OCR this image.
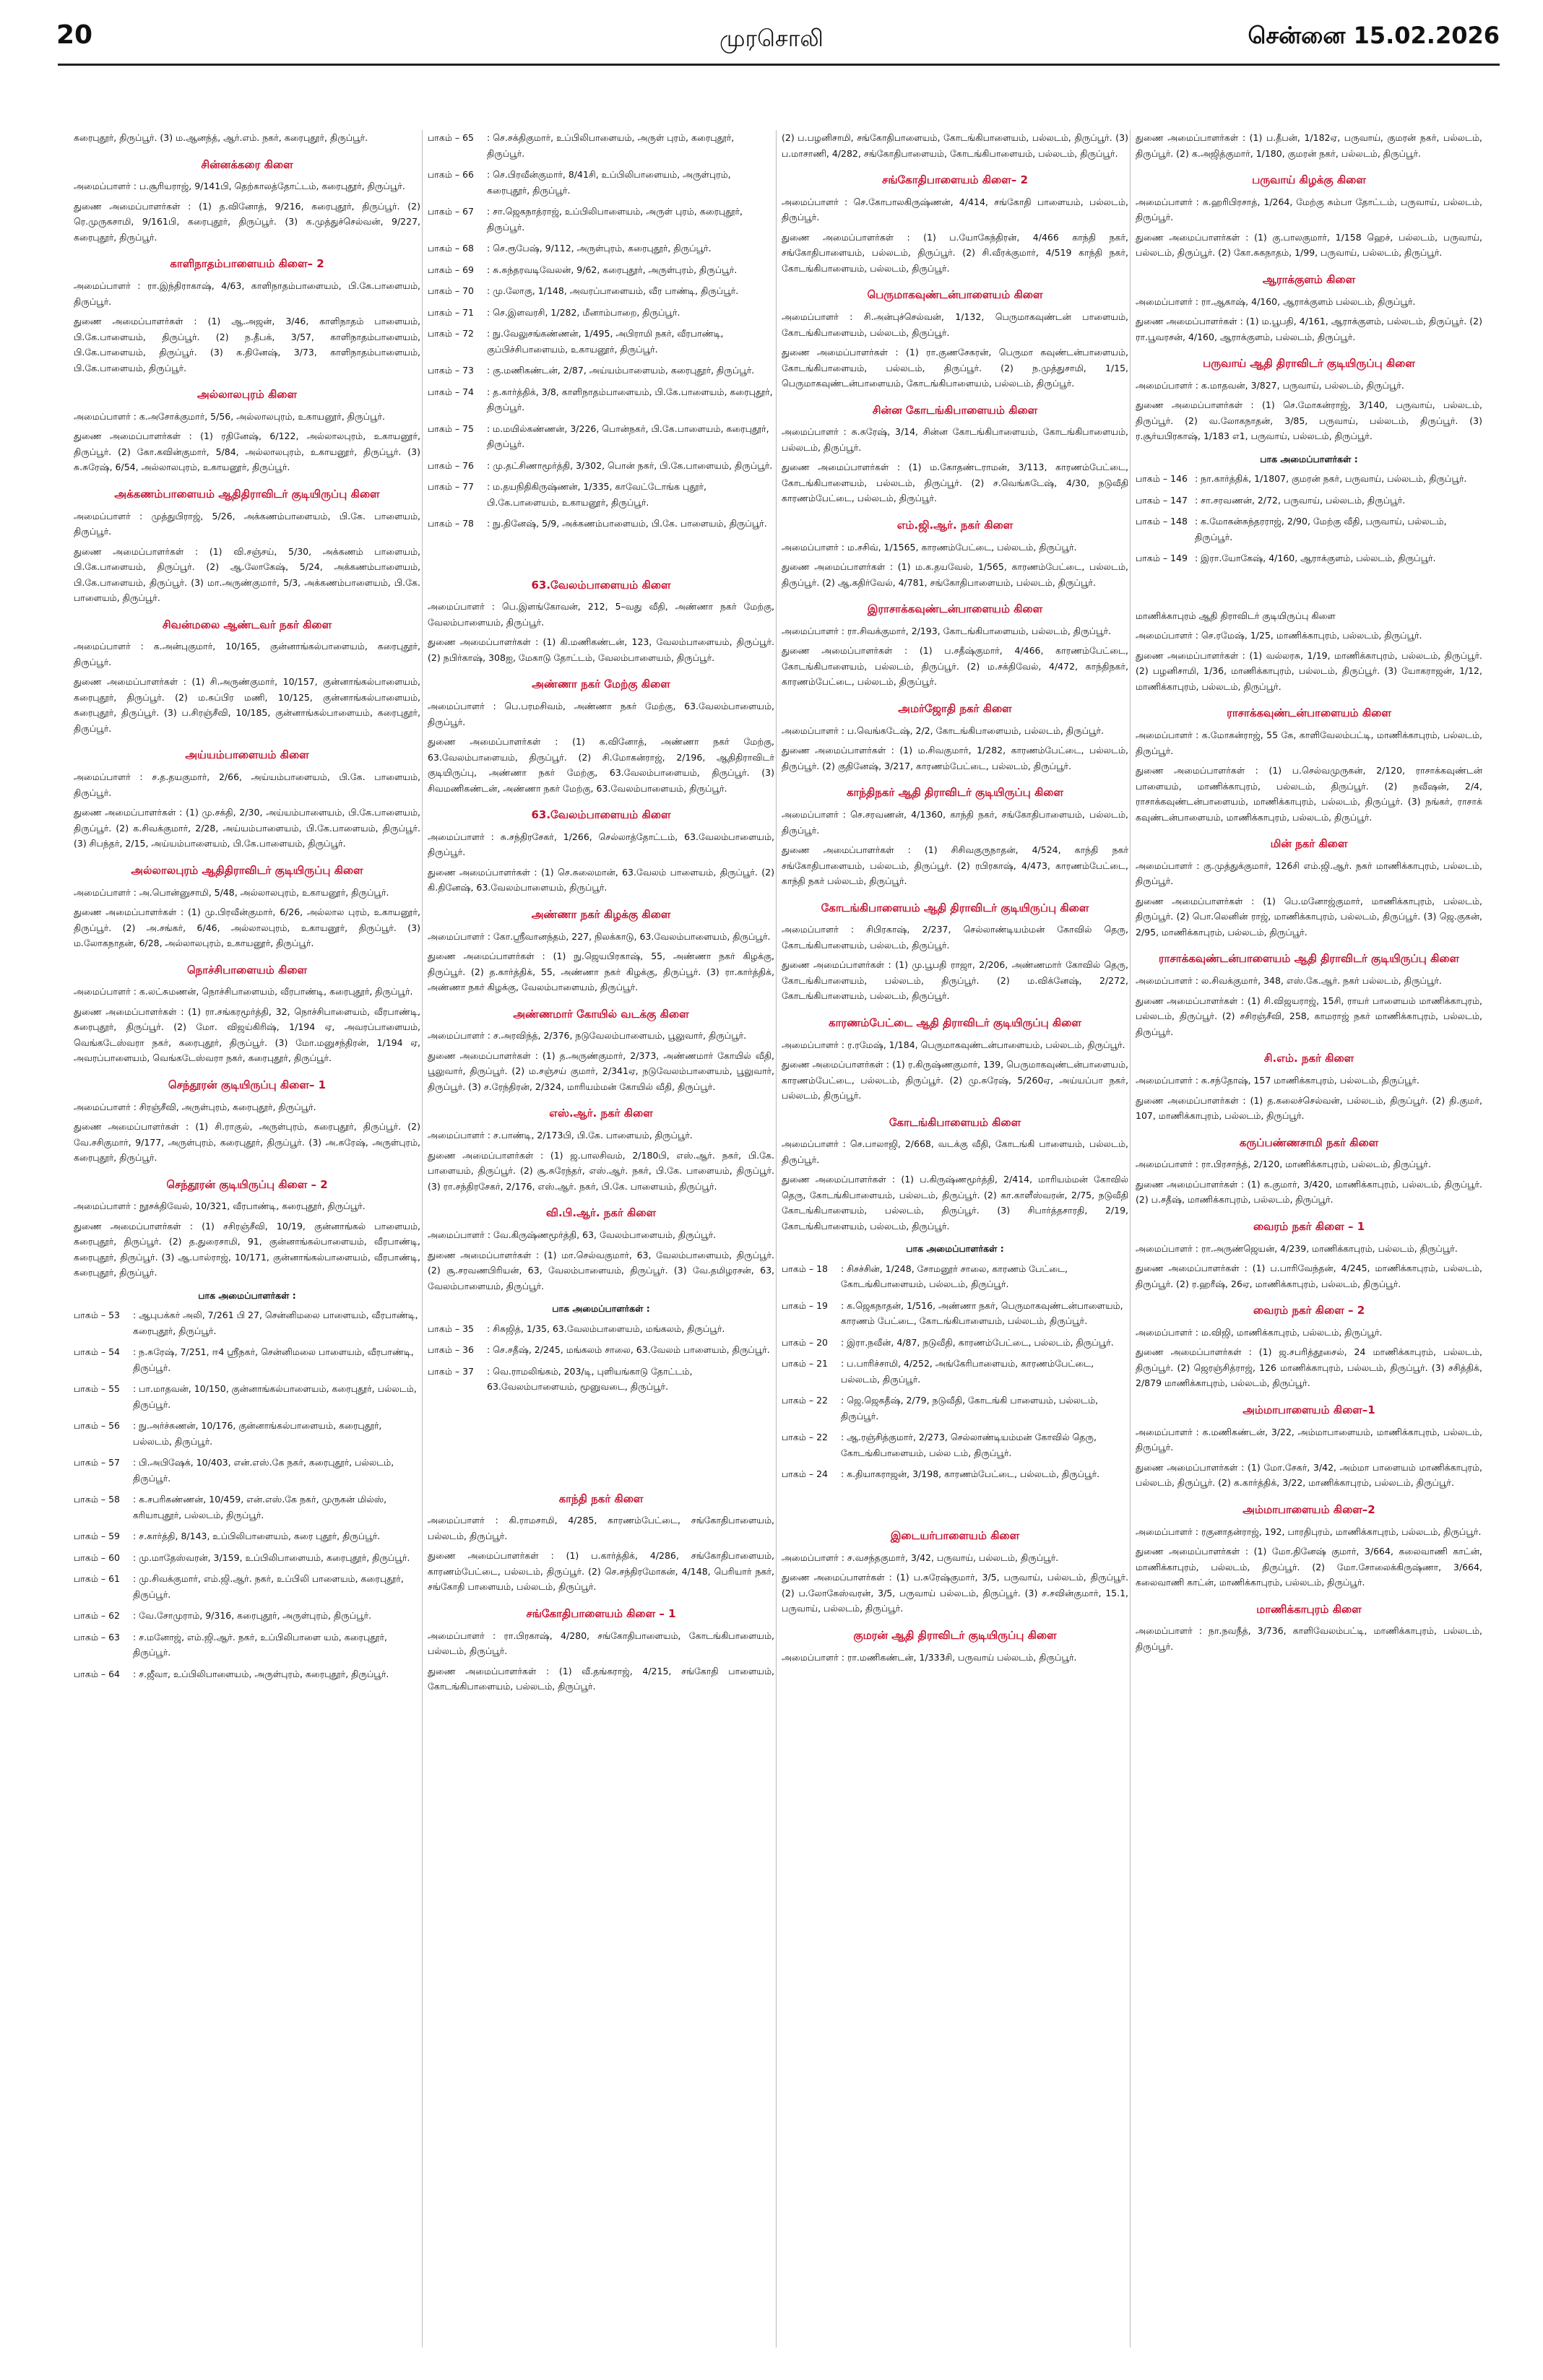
20	முரசொலி	சென்னை 15.02.2026

கரைபுதூர், திருப்பூர். (3) ம.ஆனந்த், ஆர்.எம். நகர், கரைபுதூர், திருப்பூர்.

சின்னக்கரை கிளை

அமைப்பாளர் : ப.சூரியராஜ், 9/141பி, தெற்காலத்தோட்டம், கரைபுதூர், திருப்பூர்.

துணை அமைப்பாளர்கள் : (1) த.வினோத், 9/216, கரைபுதூர், திருப்பூர். (2) ரெ.முருகசாமி, 9/161பி, கரைபுதூர், திருப்பூர். (3) க.முத்துச்செல்வன், 9/227, கரைபுதூர், திருப்பூர்.

காளிநாதம்பாளையம் கிளை– 2

அமைப்பாளர் : ரா.இந்திராகாஷ், 4/63, காளிநாதம்பாளையம், பி.கே.பாளையம், திருப்பூர்.

துணை அமைப்பாளர்கள் : (1) ஆ.அஜன், 3/46, காளிநாதம் பாளையம், பி.கே.பாளையம், திருப்பூர். (2) ந.தீபக், 3/57, காளிநாதம்பாளையம், பி.கே.பாளையம், திருப்பூர். (3) க.தினேஷ், 3/73, காளிநாதம்பாளையம், பி.கே.பாளையம், திருப்பூர்.

அல்லாலபுரம் கிளை

அமைப்பாளர் : க.அசோக்குமார், 5/56, அல்லாலபுரம், உகாயனூர், திருப்பூர்.

துணை அமைப்பாளர்கள் : (1) ரதினேஷ், 6/122, அல்லாலபுரம், உகாயனூர், திருப்பூர். (2) கோ.கவின்குமார், 5/84, அல்லாலபுரம், உகாயனூர், திருப்பூர். (3) சு.சுரேஷ், 6/54, அல்லாலபுரம், உகாயனூர், திருப்பூர்.

அக்கணம்பாளையம் ஆதிதிராவிடர் குடியிருப்பு கிளை

அமைப்பாளர் : முத்துபிராஜ், 5/26, அக்கணம்பாளையம், பி.கே. பாளையம், திருப்பூர்.

துணை அமைப்பாளர்கள் : (1) வி.சஞ்சய், 5/30, அக்கணம் பாளையம், பி.கே.பாளையம், திருப்பூர். (2) ஆ.லோகேஷ், 5/24, அக்கணம்பாளையம், பி.கே.பாளையம், திருப்பூர். (3) மா.அருண்குமார், 5/3, அக்கணம்பாளையம், பி.கே. பாளையம், திருப்பூர்.

சிவன்மலை ஆண்டவர் நகர் கிளை

அமைப்பாளர் : க.அன்புகுமார், 10/165, குன்னாங்கல்பாளையம், கரைபுதூர், திருப்பூர்.

துணை அமைப்பாளர்கள் : (1) சி.அருண்குமார், 10/157, குன்னாங்கல்பாளையம், கரைபுதூர், திருப்பூர். (2) ம.சுப்பிர மணி, 10/125, குன்னாங்கல்பாளையம், கரைபுதூர், திருப்பூர். (3) ப.சிரஞ்சீவி, 10/185, குன்னாங்கல்பாளையம், கரைபுதூர், திருப்பூர்.

அய்யம்பாளையம் கிளை

அமைப்பாளர் : ச.த.தயகுமார், 2/66, அய்யம்பாளையம், பி.கே. பாளையம், திருப்பூர்.

துணை அமைப்பாளர்கள் : (1) மு.சக்தி, 2/30, அய்யம்பாளையம், பி.கே.பாளையம், திருப்பூர். (2) க.சிவக்குமார், 2/28, அய்யம்பாளையம், பி.கே.பாளையம், திருப்பூர். (3) சிபந்தர், 2/15, அய்யம்பாளையம், பி.கே.பாளையம், திருப்பூர்.

அல்லாலபுரம் ஆதிதிராவிடர் குடியிருப்பு கிளை

அமைப்பாளர் : அ.பொன்னுசாமி, 5/48, அல்லாலபுரம், உகாயனூர், திருப்பூர்.

துணை அமைப்பாளர்கள் : (1) மு.பிரவீன்குமார், 6/26, அல்லால புரம், உகாயனூர், திருப்பூர். (2) அ.சங்கர், 6/46, அல்லாலபுரம், உகாயனூர், திருப்பூர். (3) ம.லோகநாதன், 6/28, அல்லாலபுரம், உகாயனூர், திருப்பூர்.

நொச்சிபாளையம் கிளை

அமைப்பாளர் : க.லட்சுமணன், நொச்சிபாளையம், வீரபாண்டி, கரைபுதூர், திருப்பூர்.

துணை அமைப்பாளர்கள் : (1) ரா.சங்கரமூர்த்தி, 32, நொச்சிபாளையம், வீரபாண்டி, கரைபுதூர், திருப்பூர். (2) மோ. விஜய்கிரிஷ், 1/194 ஏ, அவரப்பாளையம், வெங்கடேஸ்வரா நகர், கரைபுதூர், திருப்பூர். (3) மோ.மனுசந்திரன், 1/194 ஏ, அவரப்பாளையம், வெங்கடேஸ்வரா நகர், கரைபுதூர், திருப்பூர்.

செந்தூரன் குடியிருப்பு கிளை– 1

அமைப்பாளர் : சிரஞ்சீவி, அருள்புரம், கரைபுதூர், திருப்பூர்.

துணை அமைப்பாளர்கள் : (1) சி.ராகுல், அருள்புரம், கரைபுதூர், திருப்பூர். (2) வே.சசிகுமார், 9/177, அருள்புரம், கரைபுதூர், திருப்பூர். (3) அ.சுரேஷ், அருள்புரம், கரைபுதூர், திருப்பூர்.

செந்தூரன் குடியிருப்பு கிளை – 2

அமைப்பாளர் : நூசக்திவேல், 10/321, வீரபாண்டி, கரைபுதூர், திருப்பூர்.

துணை அமைப்பாளர்கள் : (1) சசிரஞ்சீவி, 10/19, குன்னாங்கல் பாளையம், கரைபுதூர், திருப்பூர். (2) த.துரைசாமி, 91, குன்னாங்கல்பாளையம், வீரபாண்டி, கரைபுதூர், திருப்பூர். (3) ஆ.பால்ராஜ், 10/171, குன்னாங்கல்பாளையம், வீரபாண்டி, கரைபுதூர், திருப்பூர்.

பாக அமைப்பாளர்கள் :
பாகம் – 53	: ஆபுபக்கர் அலி, 7/261 பி 27, சென்னிமலை பாளையம், வீரபாண்டி, கரைபுதூர், திருப்பூர்.
பாகம் – 54	: ந.சுரேஷ், 7/251, ஈ4 ஸ்ரீநகர், சென்னிமலை பாளையம், வீரபாண்டி, திருப்பூர்.
பாகம் – 55	: பா.மாதவன், 10/150, குன்னாங்கல்பாளையம், கரைபுதூர், பல்லடம், திருப்பூர்.
பாகம் – 56	: நு.அர்ச்சுணன், 10/176, குன்னாங்கல்பாளையம், கரைபுதூர், பல்லடம், திருப்பூர்.
பாகம் – 57	: பி.அபிஷேக், 10/403, என்.எஸ்.கே நகர், கரைபுதூர், பல்லடம், திருப்பூர்.
பாகம் – 58	: க.சபரிகண்ணன், 10/459, என்.எஸ்.கே நகர், முருகன் மில்ஸ், கரியாபுதூர், பல்லடம், திருப்பூர்.
பாகம் – 59	: ச.கார்த்தி, 8/143, உப்பிலிபாளையம், கரை புதூர், திருப்பூர்.
பாகம் – 60	: மு.மாதேஸ்வரன், 3/159, உப்பிலிபாளையம், கரைபுதூர், திருப்பூர்.
பாகம் – 61	: மு.சிவக்குமார், எம்.ஜி.ஆர். நகர், உப்பிலி பாளையம், கரைபுதூர், திருப்பூர்.
பாகம் – 62	: வே.சோமுராம், 9/316, கரைபுதூர், அருள்புரம், திருப்பூர்.
பாகம் – 63	: ச.மனோஜ், எம்.ஜி.ஆர். நகர், உப்பிலிபாளை யம், கரைபுதூர், திருப்பூர்.
பாகம் – 64	: ச.ஜீவா, உப்பிலிபாளையம், அருள்புரம், கரைபுதூர், திருப்பூர்.
பாகம் – 65	: செ.சக்திகுமார், உப்பிலிபாளையம், அருள் புரம், கரைபுதூர், திருப்பூர்.
பாகம் – 66	: செ.பிரவீன்குமார், 8/41சி, உப்பிலிபாளையம், அருள்புரம், கரைபுதூர், திருப்பூர்.
பாகம் – 67	: சா.ஜெகநாத்ராஜ், உப்பிலிபாளையம், அருள் புரம், கரைபுதூர், திருப்பூர்.
பாகம் – 68	: செ.ரூபேஷ், 9/112, அருள்புரம், கரைபுதூர், திருப்பூர்.
பாகம் – 69	: சு.சுந்தரவடிவேலன், 9/62, கரைபுதூர், அருள்புரம், திருப்பூர்.
பாகம் – 70	: மு.லோகு, 1/148, அவரப்பாளையம், வீர பாண்டி, திருப்பூர்.
பாகம் – 71	: செ.இளவரசி, 1/282, மீனாம்பாறை, திருப்பூர்.
பாகம் – 72	: நு.வேலுசங்கண்ணன், 1/495, அபிராமி நகர், வீரபாண்டி, குப்பிச்சிபாளையம், உகாயனூர், திருப்பூர்.
பாகம் – 73	: கு.மணிகண்டன், 2/87, அய்யம்பாளையம், கரைபுதூர், திருப்பூர்.
பாகம் – 74	: த.கார்த்திக், 3/8, காளிநாதம்பாளையம், பி.கே.பாளையம், கரைபுதூர், திருப்பூர்.
பாகம் – 75	: ம.மயில்கண்ணன், 3/226, பொன்நகர், பி.கே.பாளையம், கரைபுதூர், திருப்பூர்.
பாகம் – 76	: மு.தட்சிணாமூர்த்தி, 3/302, பொன் நகர், பி.கே.பாளையம், திருப்பூர்.
பாகம் – 77	: ம.தயநிதிகிருஷ்ணன், 1/335, காவேட்டோங்க புதூர், பி.கே.பாளையம், உகாயனூர், திருப்பூர்.
பாகம் – 78	: நு.தினேஷ், 5/9, அக்கணம்பாளையம், பி.கே. பாளையம், திருப்பூர்.
63.வேலம்பாளையம் கிளை

அமைப்பாளர் : பெ.இளங்கோவன், 212, 5–வது வீதி, அண்ணா நகர் மேற்கு, வேலம்பாளையம், திருப்பூர்.

துணை அமைப்பாளர்கள் : (1) கி.மணிகண்டன், 123, வேலம்பாளையம், திருப்பூர். (2) நபிர்காஷ், 308ஐ, மேகாடு தோட்டம், வேலம்பாளையம், திருப்பூர்.

அண்ணா நகர் மேற்கு கிளை

அமைப்பாளர் : பெ.பரமசிவம், அண்ணா நகர் மேற்கு, 63.வேலம்பாளையம், திருப்பூர்.

துணை அமைப்பாளர்கள் : (1) க.வினோத், அண்ணா நகர் மேற்கு, 63.வேலம்பாளையம், திருப்பூர். (2) சி.மோகன்ராஜ், 2/196, ஆதிதிராவிடர் குடியிருப்பு, அண்ணா நகர் மேற்கு, 63.வேலம்பாளையம், திருப்பூர். (3) சிவமணிகண்டன், அண்ணா நகர் மேற்கு, 63.வேலம்பாளையம், திருப்பூர்.

63.வேலம்பாளையம் கிளை

அமைப்பாளர் : சு.சந்திரசேகர், 1/266, செல்லாத்தோட்டம், 63.வேலம்பாளையம், திருப்பூர்.

துணை அமைப்பாளர்கள் : (1) செ.சுலைமான், 63.வேலம் பாளையம், திருப்பூர். (2) கி.தினேஷ், 63.வேலம்பாளையம், திருப்பூர்.

அண்ணா நகர் கிழக்கு கிளை

அமைப்பாளர் : கோ.ஸ்ரீவானந்தம், 227, நிலக்காடு, 63.வேலம்பாளையம், திருப்பூர்.

துணை அமைப்பாளர்கள் : (1) நு.ஜெயபிரகாஷ், 55, அண்ணா நகர் கிழக்கு, திருப்பூர். (2) த.கார்த்திக், 55, அண்ணா நகர் கிழக்கு, திருப்பூர். (3) ரா.கார்த்திக், அண்ணா நகர் கிழக்கு, வேலம்பாளையம், திருப்பூர்.

அண்ணமார் கோயில் வடக்கு கிளை

அமைப்பாளர் : ச.அரவிந்த், 2/376, நடுவேலம்பாளையம், பூலுவார், திருப்பூர்.

துணை அமைப்பாளர்கள் : (1) த.அருண்குமார், 2/373, அண்ணமார் கோயில் வீதி, பூலுவார், திருப்பூர். (2) ம.சஞ்சய் குமார், 2/341ஏ, நடுவேலம்பாளையம், பூலுவார், திருப்பூர். (3) ச.ரேந்திரன், 2/324, மாரியம்மன் கோயில் வீதி, திருப்பூர்.

எஸ்.ஆர். நகர் கிளை

அமைப்பாளர் : ச.பாண்டி, 2/173பி, பி.கே. பாளையம், திருப்பூர்.

துணை அமைப்பாளர்கள் : (1) ஜ.பாலசிவம், 2/180பி, எஸ்.ஆர். நகர், பி.கே. பாளையம், திருப்பூர். (2) சூ.சுரேந்தர், எஸ்.ஆர். நகர், பி.கே. பாளையம், திருப்பூர். (3) ரா.சந்திரசேகர், 2/176, எஸ்.ஆர். நகர், பி.கே. பாளையம், திருப்பூர்.

வி.பி.ஆர். நகர் கிளை

அமைப்பாளர் : வே.கிருஷ்ணமூர்த்தி, 63, வேலம்பாளையம், திருப்பூர்.

துணை அமைப்பாளர்கள் : (1) மா.செல்வகுமார், 63, வேலம்பாளையம், திருப்பூர். (2) சூ.சரவணபிரியன், 63, வேலம்பாளையம், திருப்பூர். (3) வே.தமிழரசன், 63, வேலம்பாளையம், திருப்பூர்.

பாக அமைப்பாளர்கள் :
பாகம் – 35	: சிசுஜித், 1/35, 63.வேலம்பாளையம், மங்கலம், திருப்பூர்.
பாகம் – 36	: செ.சதீஷ், 2/245, மங்கலம் சாலை, 63.வேலம் பாளையம், திருப்பூர்.
பாகம் – 37	: வெ.ராமலிங்கம், 203/டி, புளியங்காடு தோட்டம், 63.வேலம்பாளையம், மூனுவடை, திருப்பூர்.
காந்தி நகர் கிளை

அமைப்பாளர் : கி.ராமசாமி, 4/285, காரணம்பேட்டை, சங்கோதிபாளையம், பல்லடம், திருப்பூர்.

துணை அமைப்பாளர்கள் : (1) ப.கார்த்திக், 4/286, சங்கோதிபாளையம், காரணம்பேட்டை, பல்லடம், திருப்பூர். (2) செ.சந்திரமோகன், 4/148, பெரியார் நகர், சங்கோதி பாளையம், பல்லடம், திருப்பூர்.

சங்கோதிபாளையம் கிளை – 1

அமைப்பாளர் : ரா.பிரகாஷ், 4/280, சங்கோதிபாளையம், கோடங்கிபாளையம், பல்லடம், திருப்பூர்.

துணை அமைப்பாளர்கள் : (1) வீ.தங்கராஜ், 4/215, சங்கோதி பாளையம், கோடங்கிபாளையம், பல்லடம், திருப்பூர்.

(2) ப.பழனிசாமி, சங்கோதிபாளையம், கோடங்கிபாளையம், பல்லடம், திருப்பூர். (3) ப.மாசாணி, 4/282, சங்கோதிபாளையம், கோடங்கிபாளையம், பல்லடம், திருப்பூர்.

சங்கோதிபாளையம் கிளை– 2

அமைப்பாளர் : செ.கோபாலகிருஷ்ணன், 4/414, சங்கோதி பாளையம், பல்லடம், திருப்பூர்.

துணை அமைப்பாளர்கள் : (1) ப.யோகேந்திரன், 4/466 காந்தி நகர், சங்கோதிபாளையம், பல்லடம், திருப்பூர். (2) சி.வீரக்குமார், 4/519 காந்தி நகர், கோடங்கிபாளையம், பல்லடம், திருப்பூர்.

பெருமாகவுண்டன்பாளையம் கிளை

அமைப்பாளர் : சி.அன்புச்செல்வன், 1/132, பெருமாகவுண்டன் பாளையம், கோடங்கிபாளையம், பல்லடம், திருப்பூர்.

துணை அமைப்பாளர்கள் : (1) ரா.குணசேகரன், பெருமா கவுண்டன்பாளையம், கோடங்கிபாளையம், பல்லடம், திருப்பூர். (2) ந.முத்துசாமி, 1/15, பெருமாகவுண்டன்பாளையம், கோடங்கிபாளையம், பல்லடம், திருப்பூர்.

சின்ன கோடங்கிபாளையம் கிளை

அமைப்பாளர் : சு.சுரேஷ், 3/14, சின்ன கோடங்கிபாளையம், கோடங்கிபாளையம், பல்லடம், திருப்பூர்.

துணை அமைப்பாளர்கள் : (1) ம.கோதண்டராமன், 3/113, காரணம்பேட்டை, கோடங்கிபாளையம், பல்லடம், திருப்பூர். (2) ச.வெங்கடேஷ், 4/30, நடுவீதி காரணம்பேட்டை, பல்லடம், திருப்பூர்.

எம்.ஜி.ஆர். நகர் கிளை

அமைப்பாளர் : ம.சசிவ், 1/1565, காரணம்பேட்டை, பல்லடம், திருப்பூர்.

துணை அமைப்பாளர்கள் : (1) ம.க.தயவேல், 1/565, காரணம்பேட்டை, பல்லடம், திருப்பூர். (2) ஆ.கதிர்வேல், 4/781, சங்கோதிபாளையம், பல்லடம், திருப்பூர்.

இராசாக்கவுண்டன்பாளையம் கிளை

அமைப்பாளர் : ரா.சிவக்குமார், 2/193, கோடங்கிபாளையம், பல்லடம், திருப்பூர்.

துணை அமைப்பாளர்கள் : (1) ப.சதீஷ்குமார், 4/466, காரணம்பேட்டை, கோடங்கிபாளையம், பல்லடம், திருப்பூர். (2) ம.சக்திவேல், 4/472, காந்திநகர், காரணம்பேட்டை, பல்லடம், திருப்பூர்.

அமர்ஜோதி நகர் கிளை

அமைப்பாளர் : ப.வெங்கடேஷ், 2/2, கோடங்கிபாளையம், பல்லடம், திருப்பூர்.

துணை அமைப்பாளர்கள் : (1) ம.சிவகுமார், 1/282, காரணம்பேட்டை, பல்லடம், திருப்பூர். (2) குதினேஷ், 3/217, காரணம்பேட்டை, பல்லடம், திருப்பூர்.

காந்திநகர் ஆதி திராவிடர் குடியிருப்பு கிளை

அமைப்பாளர் : செ.சரவணன், 4/1360, காந்தி நகர், சங்கோதிபாளையம், பல்லடம், திருப்பூர்.

துணை அமைப்பாளர்கள் : (1) சிசிவகுருநாதன், 4/524, காந்தி நகர் சங்கோதிபாளையம், பல்லடம், திருப்பூர். (2) ரபிரகாஷ், 4/473, காரணம்பேட்டை, காந்தி நகர் பல்லடம், திருப்பூர்.

கோடங்கிபாளையம் ஆதி திராவிடர் குடியிருப்பு கிளை

அமைப்பாளர் : சிபிரகாஷ், 2/237, செல்லாண்டியம்மன் கோவில் தெரு, கோடங்கிபாளையம், பல்லடம், திருப்பூர்.

துணை அமைப்பாளர்கள் : (1) மு.பூபதி ராஜா, 2/206, அண்ணமார் கோவில் தெரு, கோடங்கிபாளையம், பல்லடம், திருப்பூர். (2) ம.விக்னேஷ், 2/272, கோடங்கிபாளையம், பல்லடம், திருப்பூர்.

காரணம்பேட்டை ஆதி திராவிடர் குடியிருப்பு கிளை

அமைப்பாளர் : ர.ரமேஷ், 1/184, பெருமாகவுண்டன்பாளையம், பல்லடம், திருப்பூர்.

துணை அமைப்பாளர்கள் : (1) ர.கிருஷ்ணகுமார், 139, பெருமாகவுண்டன்பாளையம், காரணம்பேட்டை, பல்லடம், திருப்பூர். (2) மு.சுரேஷ், 5/260ஏ, அய்யப்பா நகர், பல்லடம், திருப்பூர்.

கோடங்கிபாளையம் கிளை

அமைப்பாளர் : செ.பாலாஜி, 2/668, வடக்கு வீதி, கோடங்கி பாளையம், பல்லடம், திருப்பூர்.

துணை அமைப்பாளர்கள் : (1) ப.கிருஷ்ணமூர்த்தி, 2/414, மாரியம்மன் கோவில் தெரு, கோடங்கிபாளையம், பல்லடம், திருப்பூர். (2) கா.காளீஸ்வரன், 2/75, நடுவீதி கோடங்கிபாளையம், பல்லடம், திருப்பூர். (3) சிபார்த்தசாரதி, 2/19, கோடங்கிபாளையம், பல்லடம், திருப்பூர்.

பாக அமைப்பாளர்கள் :
பாகம் – 18	: சிசச்சின், 1/248, சோமனூர் சாலை, காரணம் பேட்டை, கோடங்கிபாளையம், பல்லடம், திருப்பூர்.
பாகம் – 19	: க.ஜெகநாதன், 1/516, அண்ணா நகர், பெருமாகவுண்டன்பாளையம், காரணம் பேட்டை, கோடங்கிபாளையம், பல்லடம், திருப்பூர்.
பாகம் – 20	: இரா.நவீன், 4/87, நடுவீதி, காரணம்பேட்டை, பல்லடம், திருப்பூர்.
பாகம் – 21	: ப.பாரிச்சாமி, 4/252, அங்கேரிபாளையம், காரணம்பேட்டை, பல்லடம், திருப்பூர்.
பாகம் – 22	: ஜெ.ஜெகதீஷ், 2/79, நடுவீதி, கோடங்கி பாளையம், பல்லடம், திருப்பூர்.
பாகம் – 22	: ஆ.ரஞ்சித்குமார், 2/273, செல்லாண்டியம்மன் கோவில் தெரு, கோடங்கிபாளையம், பல்ல டம், திருப்பூர்.
பாகம் – 24	: க.தியாகராஜன், 3/198, காரணம்பேட்டை, பல்லடம், திருப்பூர்.
இடையர்பாளையம் கிளை

அமைப்பாளர் : ச.வசந்தகுமார், 3/42, பருவாய், பல்லடம், திருப்பூர்.

துணை அமைப்பாளர்கள் : (1) ப.சுரேஷ்குமார், 3/5, பருவாய், பல்லடம், திருப்பூர். (2) ப.லோகேஸ்வரன், 3/5, பருவாய் பல்லடம், திருப்பூர். (3) ச.சவின்குமார், 15.1, பருவாய், பல்லடம், திருப்பூர்.

குமரன் ஆதி திராவிடர் குடியிருப்பு கிளை

அமைப்பாளர் : ரா.மணிகண்டன், 1/333சி, பருவாய் பல்லடம், திருப்பூர்.

துணை அமைப்பாளர்கள் : (1) ப.தீபன், 1/182ஏ, பருவாய், குமரன் நகர், பல்லடம், திருப்பூர். (2) க.அஜித்குமார், 1/180, குமரன் நகர், பல்லடம், திருப்பூர்.

பருவாய் கிழக்கு கிளை

அமைப்பாளர் : க.ஹரிபிரசாத், 1/264, மேற்கு சும்பா தோட்டம், பருவாய், பல்லடம், திருப்பூர்.

துணை அமைப்பாளர்கள் : (1) கு.பாலகுமார், 1/158 ஹெச், பல்லடம், பருவாய், பல்லடம், திருப்பூர். (2) கோ.சுகநாதம், 1/99, பருவாய், பல்லடம், திருப்பூர்.

ஆராக்குளம் கிளை

அமைப்பாளர் : ரா.ஆகாஷ், 4/160, ஆராக்குளம் பல்லடம், திருப்பூர்.

துணை அமைப்பாளர்கள் : (1) ம.பூபதி, 4/161, ஆராக்குளம், பல்லடம், திருப்பூர். (2) ரா.பூவரசன், 4/160, ஆராக்குளம், பல்லடம், திருப்பூர்.

பருவாய் ஆதி திராவிடர் குடியிருப்பு கிளை

அமைப்பாளர் : க.மாதவன், 3/827, பருவாய், பல்லடம், திருப்பூர்.

துணை அமைப்பாளர்கள் : (1) செ.மோகன்ராஜ், 3/140, பருவாய், பல்லடம், திருப்பூர். (2) வ.லோகநாதன், 3/85, பருவாய், பல்லடம், திருப்பூர். (3) ர.சூர்யபிரகாஷ், 1/183 எ1, பருவாய், பல்லடம், திருப்பூர்.

பாக அமைப்பாளர்கள் :
பாகம் – 146 : நா.கார்த்திக், 1/1807, குமரன் நகர், பருவாய், பல்லடம், திருப்பூர்.
பாகம் – 147 : சா.சரவணன், 2/72, பருவாய், பல்லடம், திருப்பூர்.
பாகம் – 148 : க.மோகன்சுந்தரராஜ், 2/90, மேற்கு வீதி, பருவாய், பல்லடம், திருப்பூர்.
பாகம் – 149 : இரா.யோகேஷ், 4/160, ஆராக்குளம், பல்லடம், திருப்பூர்.
மாணிக்காபுரம் ஆதி திராவிடர் குடியிருப்பு கிளை

அமைப்பாளர் : செ.ரமேஷ், 1/25, மாணிக்காபுரம், பல்லடம், திருப்பூர்.

துணை அமைப்பாளர்கள் : (1) வல்லரசு, 1/19, மாணிக்காபுரம், பல்லடம், திருப்பூர். (2) பழனிசாமி, 1/36, மாணிக்காபுரம், பல்லடம், திருப்பூர். (3) யோகராஜன், 1/12, மாணிக்காபுரம், பல்லடம், திருப்பூர்.

ராசாக்கவுண்டன்பாளையம் கிளை

அமைப்பாளர் : க.மோகன்ராஜ், 55 கே, காளிவேலம்பட்டி, மாணிக்காபுரம், பல்லடம், திருப்பூர்.

துணை அமைப்பாளர்கள் : (1) ப.செல்வமுருகன், 2/120, ராசாக்கவுண்டன் பாளையம், மாணிக்காபுரம், பல்லடம், திருப்பூர். (2) நவீஷன், 2/4, ராசாக்கவுண்டன்பாளையம், மாணிக்காபுரம், பல்லடம், திருப்பூர். (3) நங்கர், ராசாக் கவுண்டன்பாளையம், மாணிக்காபுரம், பல்லடம், திருப்பூர்.

மின் நகர் கிளை

அமைப்பாளர் : கு.முத்துக்குமார், 126சி எம்.ஜி.ஆர். நகர் மாணிக்காபுரம், பல்லடம், திருப்பூர்.

துணை அமைப்பாளர்கள் : (1) பெ.மனோஜ்குமார், மாணிக்காபுரம், பல்லடம், திருப்பூர். (2) பொ.லெனின் ராஜ், மாணிக்காபுரம், பல்லடம், திருப்பூர். (3) ஜெ.குகன், 2/95, மாணிக்காபுரம், பல்லடம், திருப்பூர்.

ராசாக்கவுண்டன்பாளையம் ஆதி திராவிடர் குடியிருப்பு கிளை

அமைப்பாளர் : ல.சிவக்குமார், 348, எஸ்.கே.ஆர். நகர் பல்லடம், திருப்பூர்.

துணை அமைப்பாளர்கள் : (1) சி.விஜயராஜ், 15சி, ராயர் பாளையம் மாணிக்காபுரம், பல்லடம், திருப்பூர். (2) சசிரஞ்சீவி, 258, காமராஜ் நகர் மாணிக்காபுரம், பல்லடம், திருப்பூர்.

சி.எம். நகர் கிளை

அமைப்பாளர் : சு.சந்தோஷ், 157 மாணிக்காபுரம், பல்லடம், திருப்பூர்.

துணை அமைப்பாளர்கள் : (1) த.கலைச்செல்வன், பல்லடம், திருப்பூர். (2) தி.குமர், 107, மாணிக்காபுரம், பல்லடம், திருப்பூர்.

கருப்பண்ணசாமி நகர் கிளை

அமைப்பாளர் : ரா.பிரசாந்த், 2/120, மாணிக்காபுரம், பல்லடம், திருப்பூர்.

துணை அமைப்பாளர்கள் : (1) க.குமார், 3/420, மாணிக்காபுரம், பல்லடம், திருப்பூர். (2) ப.சதீஷ், மாணிக்காபுரம், பல்லடம், திருப்பூர்.

வைரம் நகர் கிளை – 1

அமைப்பாளர் : ரா.அருண்ஜெயன், 4/239, மாணிக்காபுரம், பல்லடம், திருப்பூர்.

துணை அமைப்பாளர்கள் : (1) ப.பாரிவேந்தன், 4/245, மாணிக்காபுரம், பல்லடம், திருப்பூர். (2) ர.ஹரீஷ், 26ஏ, மாணிக்காபுரம், பல்லடம், திருப்பூர்.

வைரம் நகர் கிளை – 2

அமைப்பாளர் : ம.விஜி, மாணிக்காபுரம், பல்லடம், திருப்பூர்.

துணை அமைப்பாளர்கள் : (1) ஜ.சபரித்தூசைல், 24 மாணிக்காபுரம், பல்லடம், திருப்பூர். (2) ஜெரஞ்சித்ராஜ், 126 மாணிக்காபுரம், பல்லடம், திருப்பூர். (3) சசித்திக், 2/879 மாணிக்காபுரம், பல்லடம், திருப்பூர்.

அம்மாபாளையம் கிளை–1

அமைப்பாளர் : க.மணிகண்டன், 3/22, அம்மாபாளையம், மாணிக்காபுரம், பல்லடம், திருப்பூர்.

துணை அமைப்பாளர்கள் : (1) மோ.சேகர், 3/42, அம்மா பாளையம் மாணிக்காபுரம், பல்லடம், திருப்பூர். (2) க.கார்த்திக், 3/22, மாணிக்காபுரம், பல்லடம், திருப்பூர்.

அம்மாபாளையம் கிளை–2

அமைப்பாளர் : ரகுனாதன்ராஜ், 192, பாரதிபுரம், மாணிக்காபுரம், பல்லடம், திருப்பூர்.

துணை அமைப்பாளர்கள் : (1) மோ.தினேஷ் குமார், 3/664, கலைவாணி காட்ன், மாணிக்காபுரம், பல்லடம், திருப்பூர். (2) மோ.சோலைக்கிருஷ்ணா, 3/664, கலைவாணி காட்ன், மாணிக்காபுரம், பல்லடம், திருப்பூர்.

மாணிக்காபுரம் கிளை

அமைப்பாளர் : நா.நவநீத், 3/736, காளிவேலம்பட்டி, மாணிக்காபுரம், பல்லடம், திருப்பூர்.
